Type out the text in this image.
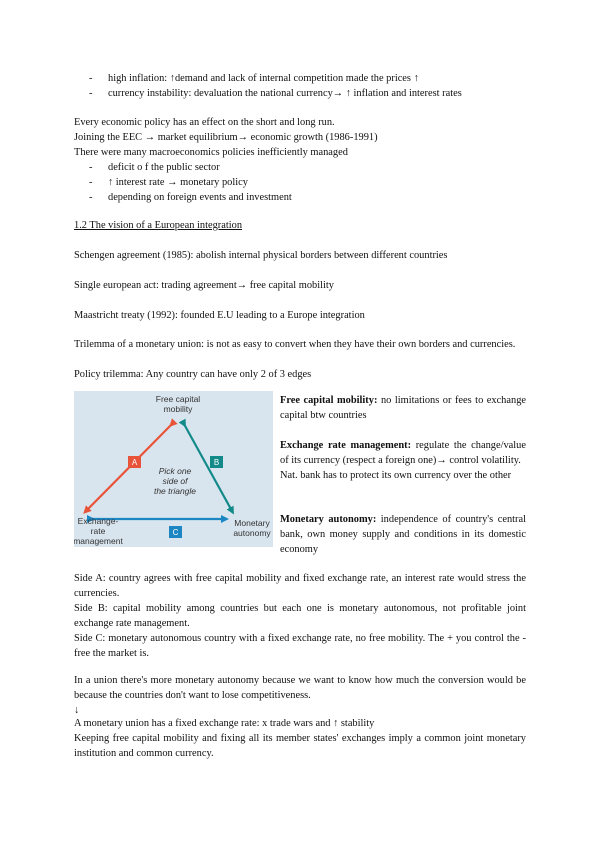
- high inflation: ↑demand and lack of internal competition made the prices ↑
- currency instability: devaluation the national currency→ ↑ inflation and interest rates
Every economic policy has an effect on the short and long run.
Joining the EEC → market equilibrium→ economic growth (1986-1991)
There were many macroeconomics policies inefficiently managed
- deficit o f the public sector
- ↑ interest rate → monetary policy
- depending on foreign events and investment
1.2 The vision of a European integration
Schengen agreement (1985): abolish internal physical borders between different countries
Single european act: trading agreement→ free capital mobility
Maastricht treaty (1992): founded E.U leading to a Europe integration
Trilemma of a monetary union: is not as easy to convert when they have their own borders and currencies.
Policy trilemma: Any country can have only 2 of 3 edges
Free capital
mobility
A	B
C
Pick one
side of
the triangle
Exchange-
rate
management
Monetary
autonomy

Free capital mobility: no limitations or fees to exchange capital btw countries

Exchange rate management: regulate the change/value of its currency (respect a foreign one)→ control volatility.

Nat. bank has to protect its own currency over the other

Monetary autonomy: independence of country's central bank, own money supply and conditions in its domestic economy

Side A: country agrees with free capital mobility and fixed exchange rate, an interest rate would stress the currencies.
Side B: capital mobility among countries but each one is monetary autonomous, not profitable joint exchange rate management.
Side C: monetary autonomous country with a fixed exchange rate, no free mobility. The + you control the - free the market is.
In a union there's more monetary autonomy because we want to know how much the conversion would be because the countries don't want to lose competitiveness.
↓
A monetary union has a fixed exchange rate: x trade wars and ↑ stability
Keeping free capital mobility and fixing all its member states' exchanges imply a common joint monetary institution and common currency.
